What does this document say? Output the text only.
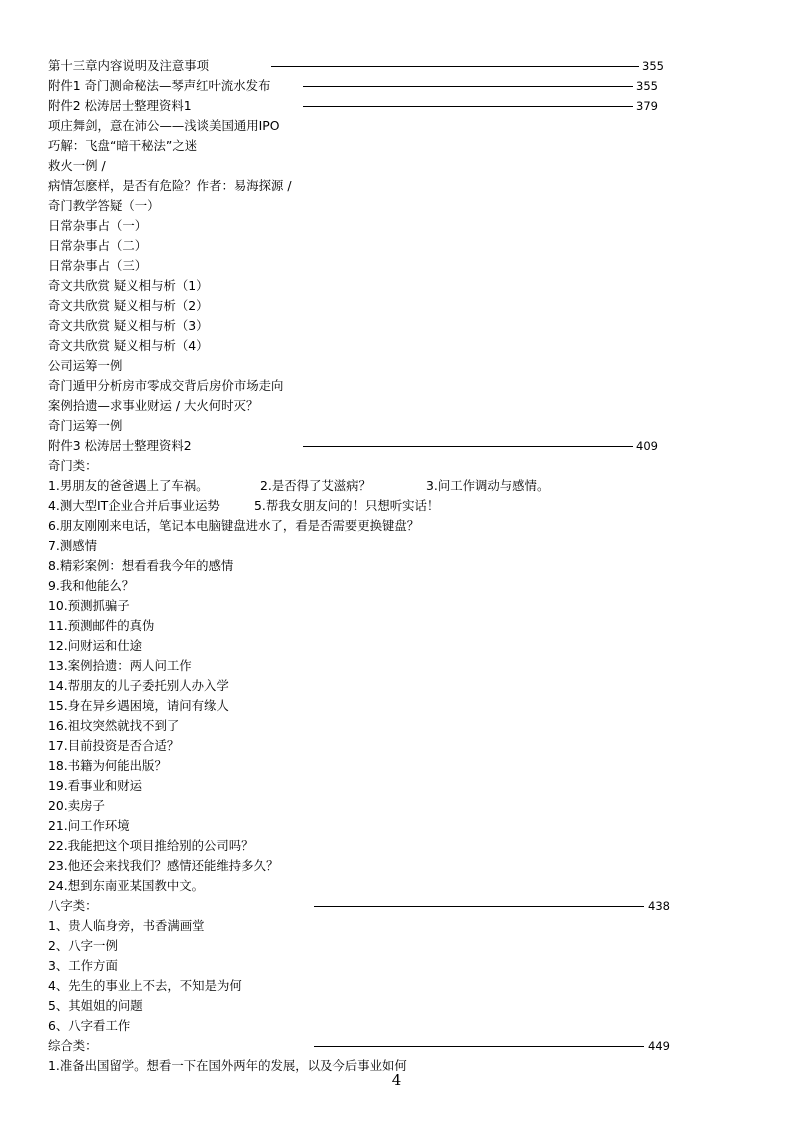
第十三章内容说明及注意事项	355
附件1 奇门测命秘法—琴声红叶流水发布	355
附件2 松涛居士整理资料1	379
项庄舞剑，意在沛公——浅谈美国通用IPO
巧解：飞盘“暗干秘法”之迷
救火一例 /
病情怎麽样，是否有危险？作者：易海探源 /
奇门教学答疑（一）
日常杂事占（一）
日常杂事占（二）
日常杂事占（三）
奇文共欣赏 疑义相与析（1）
奇文共欣赏 疑义相与析（2）
奇文共欣赏 疑义相与析（3）
奇文共欣赏 疑义相与析（4）
公司运筹一例
奇门遁甲分析房市零成交背后房价市场走向
案例拾遗—求事业财运 / 大火何时灭？
奇门运筹一例
附件3 松涛居士整理资料2	409
奇门类：
1.男朋友的爸爸遇上了车祸。	2.是否得了艾滋病？	3.问工作调动与感情。
4.测大型IT企业合并后事业运势	5.帮我女朋友问的！只想听实话！
6.朋友刚刚来电话，笔记本电脑键盘进水了，看是否需要更换键盘？
7.测感情
8.精彩案例：想看看我今年的感情
9.我和他能么？
10.预测抓骗子
11.预测邮件的真伪
12.问财运和仕途
13.案例拾遗：两人问工作
14.帮朋友的儿子委托别人办入学
15.身在异乡遇困境，请问有缘人
16.祖坟突然就找不到了
17.目前投资是否合适？
18.书籍为何能出版？
19.看事业和财运
20.卖房子
21.问工作环境
22.我能把这个项目推给别的公司吗？
23.他还会来找我们？感情还能维持多久？
24.想到东南亚某国教中文。
八字类：	438
1、贵人临身旁，书香满画堂
2、八字一例
3、工作方面
4、先生的事业上不去，不知是为何
5、其姐姐的问题
6、八字看工作
综合类：	449
1.准备出国留学。想看一下在国外两年的发展，以及今后事业如何
4
